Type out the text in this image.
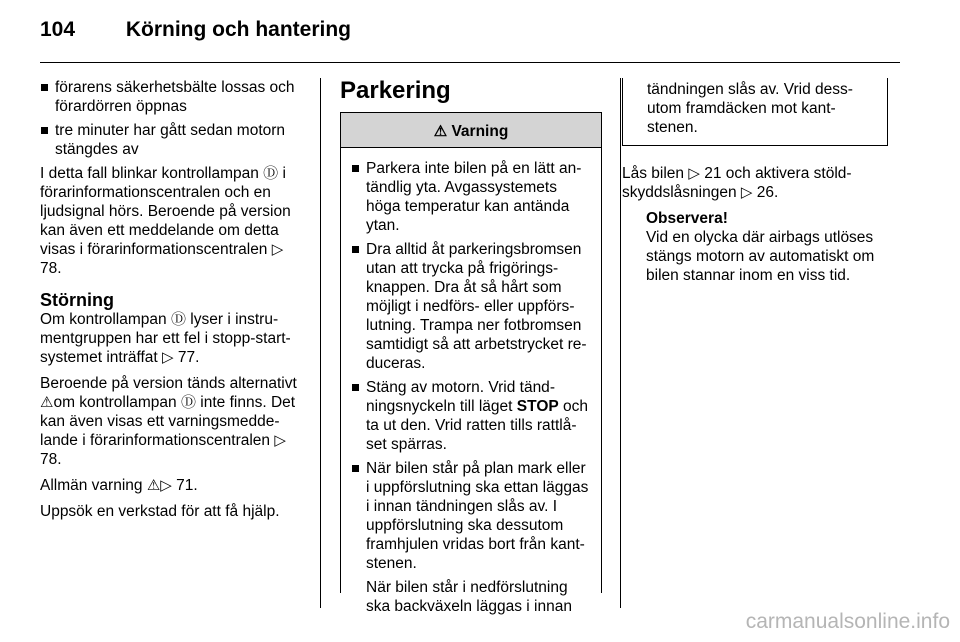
104 Körning och hantering
förarens säkerhetsbälte lossas och förardörren öppnas
tre minuter har gått sedan motorn stängdes av

I detta fall blinkar kontrollampan Ⓓ i förarinformationscentralen och en ljudsignal hörs. Beroende på version kan även ett meddelande om detta visas i förarinformationscentralen ▷ 78.

Störning

Om kontrollampan Ⓓ lyser i instrumentgruppen har ett fel i stopp-start-systemet inträffat ▷ 77.

Beroende på version tänds alternativt ⚠om kontrollampan Ⓓ inte finns. Det kan även visas ett varningsmeddelande i förarinformationscentralen ▷ 78.

Allmän varning ⚠▷ 71.

Uppsök en verkstad för att få hjälp.

Parkering
⚠ Varning
Parkera inte bilen på en lätt antändlig yta. Avgassystemets höga temperatur kan antända ytan.
Dra alltid åt parkeringsbromsen utan att trycka på frigöringsknappen. Dra åt så hårt som möjligt i nedförs- eller uppförslutning. Trampa ner fotbromsen samtidigt så att arbetstrycket reduceras.
Stäng av motorn. Vrid tändningsnyckeln till läget STOP och ta ut den. Vrid ratten tills rattlåset spärras.
När bilen står på plan mark eller i uppförslutning ska ettan läggas i innan tändningen slås av. I uppförslutning ska dessutom framhjulen vridas bort från kantstenen.
När bilen står i nedförslutning ska backväxeln läggas i innan
tändningen slås av. Vrid dessutom framdäcken mot kantstenen.

Lås bilen ▷ 21 och aktivera stöldskyddslåsningen ▷ 26.

Observera!
Vid en olycka där airbags utlöses stängs motorn av automatiskt om bilen stannar inom en viss tid.
carmanualsonline.info
